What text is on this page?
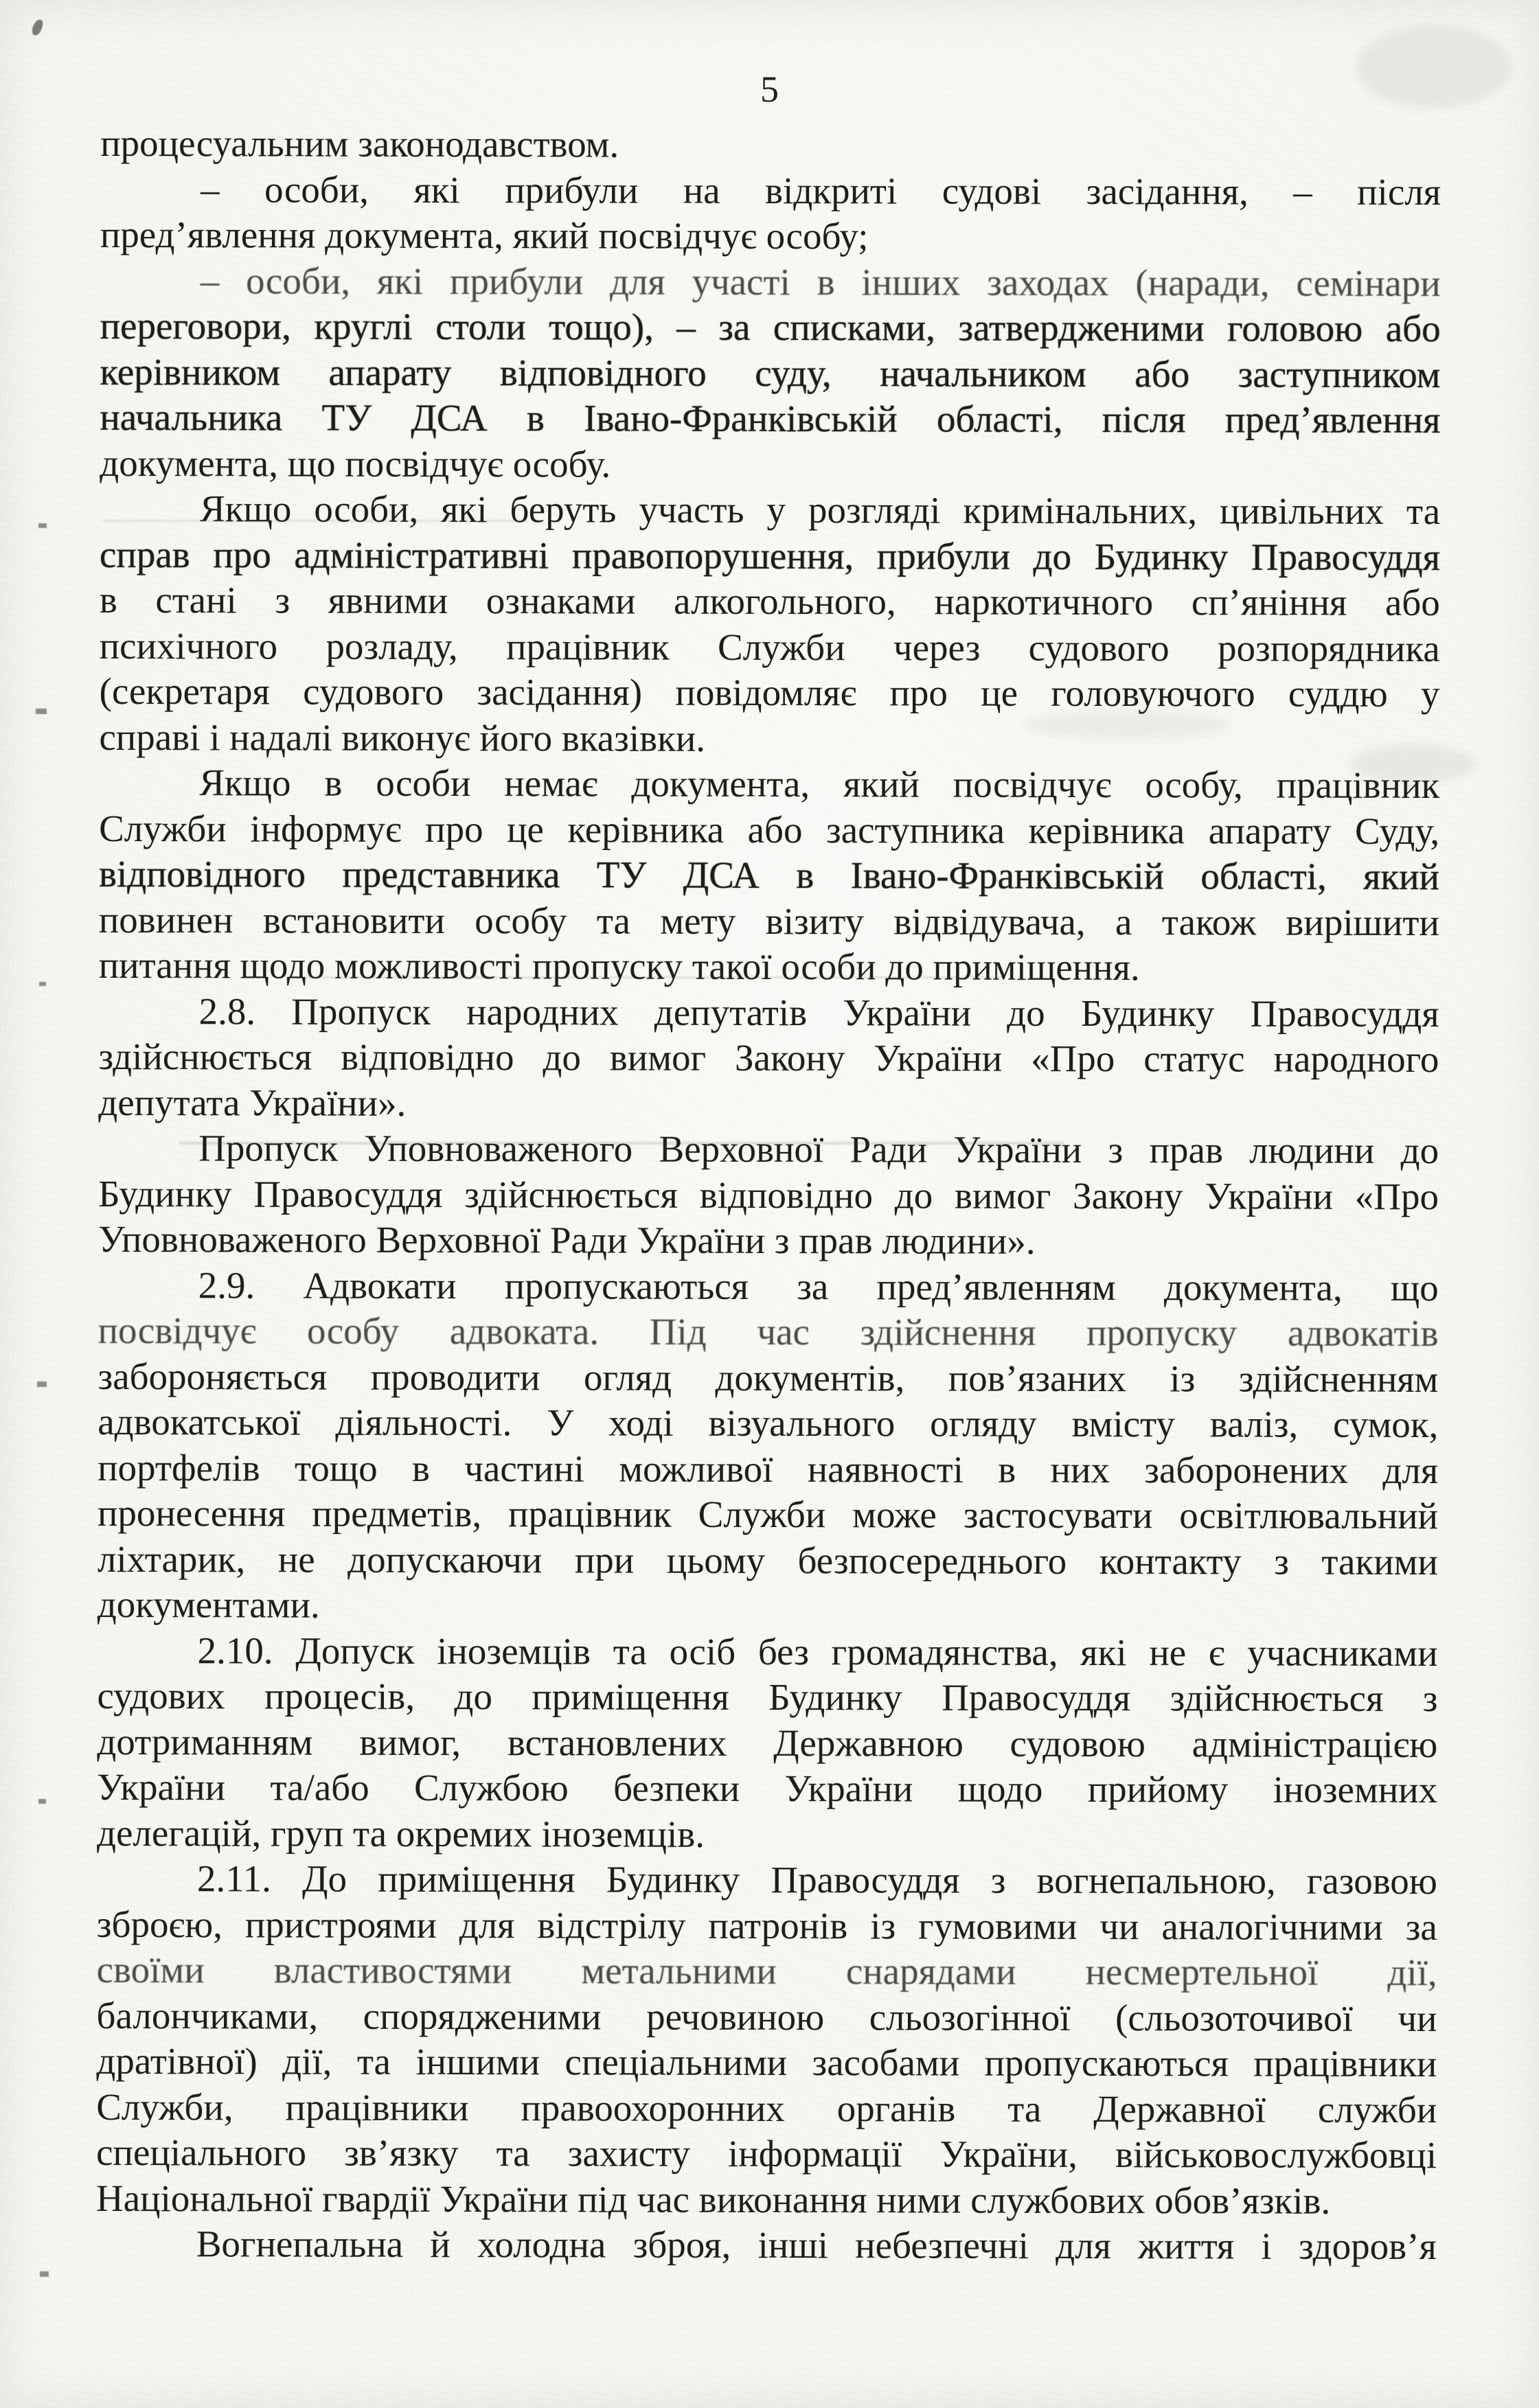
5
процесуальним законодавством.
– особи, які прибули на відкриті судові засідання, – після
пред’явлення документа, який посвідчує особу;
– особи, які прибули для участі в інших заходах (наради, семінари
переговори, круглі столи тощо), – за списками, затвердженими головою або
керівником апарату відповідного суду, начальником або заступником
начальника ТУ ДСА в Івано-Франківській області, після пред’явлення
документа, що посвідчує особу.
Якщо особи, які беруть участь у розгляді кримінальних, цивільних та
справ про адміністративні правопорушення, прибули до Будинку Правосуддя
в стані з явними ознаками алкогольного, наркотичного сп’яніння або
психічного розладу, працівник Служби через судового розпорядника
(секретаря судового засідання) повідомляє про це головуючого суддю у
справі і надалі виконує його вказівки.
Якщо в особи немає документа, який посвідчує особу, працівник
Служби інформує про це керівника або заступника керівника апарату Суду,
відповідного представника ТУ ДСА в Івано-Франківській області, який
повинен встановити особу та мету візиту відвідувача, а також вирішити
питання щодо можливості пропуску такої особи до приміщення.
2.8. Пропуск народних депутатів України до Будинку Правосуддя
здійснюється відповідно до вимог Закону України «Про статус народного
депутата України».
Пропуск Уповноваженого Верховної Ради України з прав людини до
Будинку Правосуддя здійснюється відповідно до вимог Закону України «Про
Уповноваженого Верховної Ради України з прав людини».
2.9. Адвокати пропускаються за пред’явленням документа, що
посвідчує особу адвоката. Під час здійснення пропуску адвокатів
забороняється проводити огляд документів, пов’язаних із здійсненням
адвокатської діяльності. У ході візуального огляду вмісту валіз, сумок,
портфелів тощо в частині можливої наявності в них заборонених для
пронесення предметів, працівник Служби може застосувати освітлювальний
ліхтарик, не допускаючи при цьому безпосереднього контакту з такими
документами.
2.10. Допуск іноземців та осіб без громадянства, які не є учасниками
судових процесів, до приміщення Будинку Правосуддя здійснюється з
дотриманням вимог, встановлених Державною судовою адміністрацією
України та/або Службою безпеки України щодо прийому іноземних
делегацій, груп та окремих іноземців.
2.11. До приміщення Будинку Правосуддя з вогнепальною, газовою
зброєю, пристроями для відстрілу патронів із гумовими чи аналогічними за
своїми властивостями метальними снарядами несмертельної дії,
балончиками, спорядженими речовиною сльозогінної (сльозоточивої чи
дратівної) дії, та іншими спеціальними засобами пропускаються працівники
Служби, працівники правоохоронних органів та Державної служби
спеціального зв’язку та захисту інформації України, військовослужбовці
Національної гвардії України під час виконання ними службових обов’язків.
Вогнепальна й холодна зброя, інші небезпечні для життя і здоров’я
